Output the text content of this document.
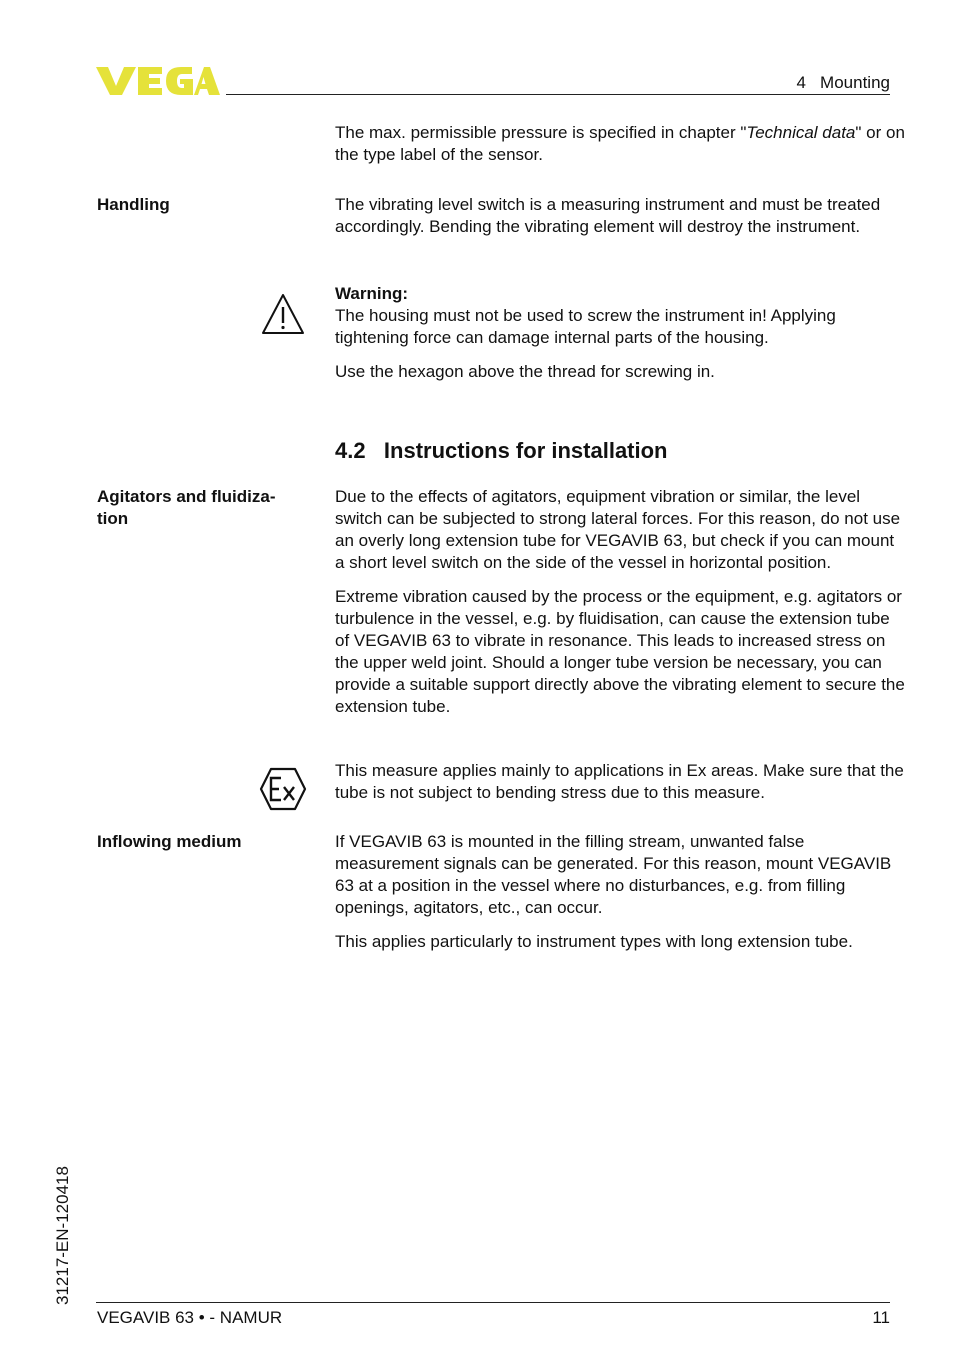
4   Mounting

The max. permissible pressure is specified in chapter "Technical data" or on the type label of the sensor.

Handling	The vibrating level switch is a measuring instrument and must be treated accordingly. Bending the vibrating element will destroy the instrument.

Warning:

The housing must not be used to screw the instrument in! Applying tightening force can damage internal parts of the housing.

Use the hexagon above the thread for screwing in.

4.2   Instructions for installation
Agitators and fluidiza-
tion

Due to the effects of agitators, equipment vibration or similar, the level switch can be subjected to strong lateral forces. For this reason, do not use an overly long extension tube for VEGAVIB 63, but check if you can mount a short level switch on the side of the vessel in horizontal position.

Extreme vibration caused by the process or the equipment, e.g. agitators or turbulence in the vessel, e.g. by fluidisation, can cause the extension tube of VEGAVIB 63 to vibrate in resonance. This leads to increased stress on the upper weld joint. Should a longer tube version be necessary, you can provide a suitable support directly above the vibrating element to secure the extension tube.

This measure applies mainly to applications in Ex areas. Make sure that the tube is not subject to bending stress due to this measure.

Inflowing medium	If VEGAVIB 63 is mounted in the filling stream, unwanted false measurement signals can be generated. For this reason, mount VEGAVIB 63 at a position in the vessel where no disturbances, e.g. from filling openings, agitators, etc., can occur.

This applies particularly to instrument types with long extension tube.

31217-EN-120418
VEGAVIB 63 • - NAMUR	11
